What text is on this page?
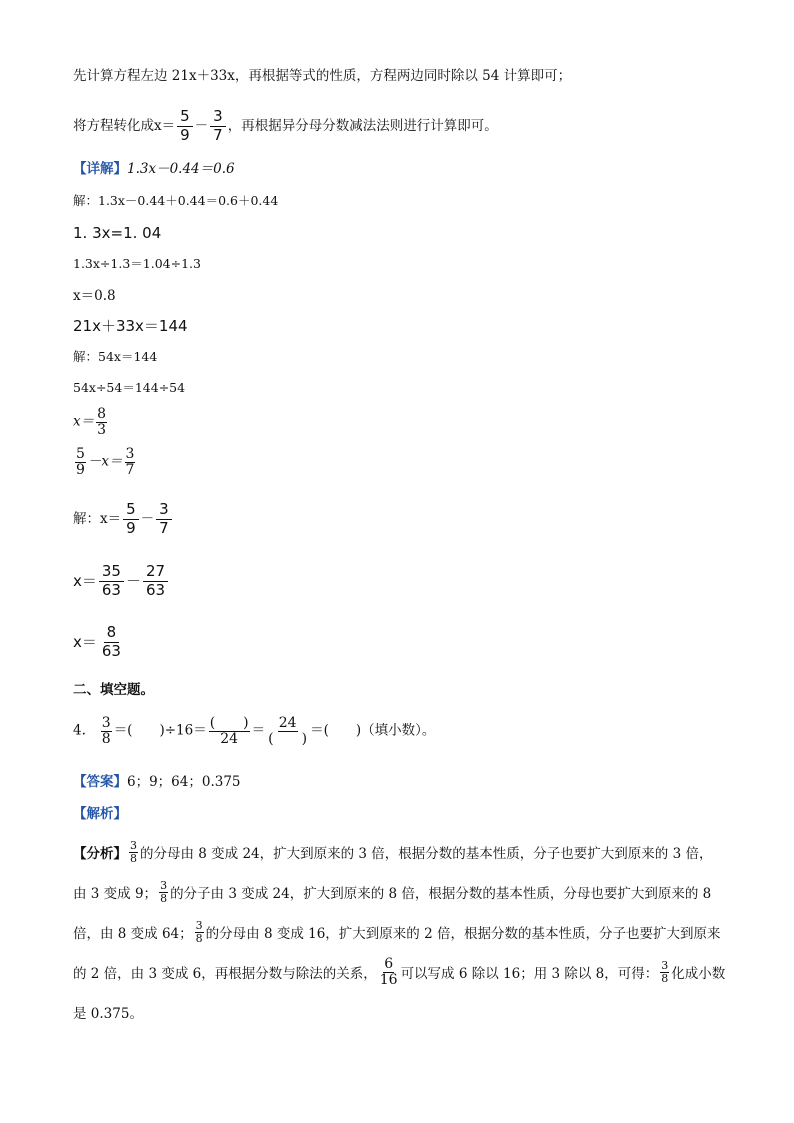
先计算方程左边 21x＋33x，再根据等式的性质，方程两边同时除以 54 计算即可；
将方程转化成$x= \frac{5}{9} - \frac{3}{7}$ ，再根据异分母分数减法法则进行计算即可。
【详解】1.3x－0.44＝0.6
解：1.3x－0.44＋0.44＝0.6＋0.44
1. 3x=1. 04
1.3x÷1.3＝1.04÷1.3
x＝0.8
21x＋33x＝144
解：54x＝144
54x÷54＝144÷54
$x= \frac{8}{3}$
$\frac{5}{9} -x= \frac{3}{7}$
解：$x= \frac{5}{9} - \frac{3}{7}$
$x= \frac{35}{63} - \frac{27}{63}$
$x= \frac{8}{63}$
二、填空题。
4. $\frac{3}{8}$ ＝(　　)$\div 16= \frac{( )}{24} = \frac{24}{( )}$ ＝(　　)（填小数）。
【答案】6；9；64；0.375
【解析】
【分析】 $\frac{3}{8}$ 的分母由 8 变成 24，扩大到原来的 3 倍，根据分数的基本性质，分子也要扩大到原来的 3 倍，
由 3 变成 9； $\frac{3}{8}$ 的分子由 3 变成 24，扩大到原来的 8 倍，根据分数的基本性质，分母也要扩大到原来的 8
倍，由 8 变成 64； $\frac{3}{8}$ 的分母由 8 变成 16，扩大到原来的 2 倍，根据分数的基本性质，分子也要扩大到原来
的 2 倍，由 3 变成 6，再根据分数与除法的关系， $\frac{6}{16}$ 可以写成 6 除以 16；用 3 除以 8，可得： $\frac{3}{8}$ 化成小数
是 0.375。
